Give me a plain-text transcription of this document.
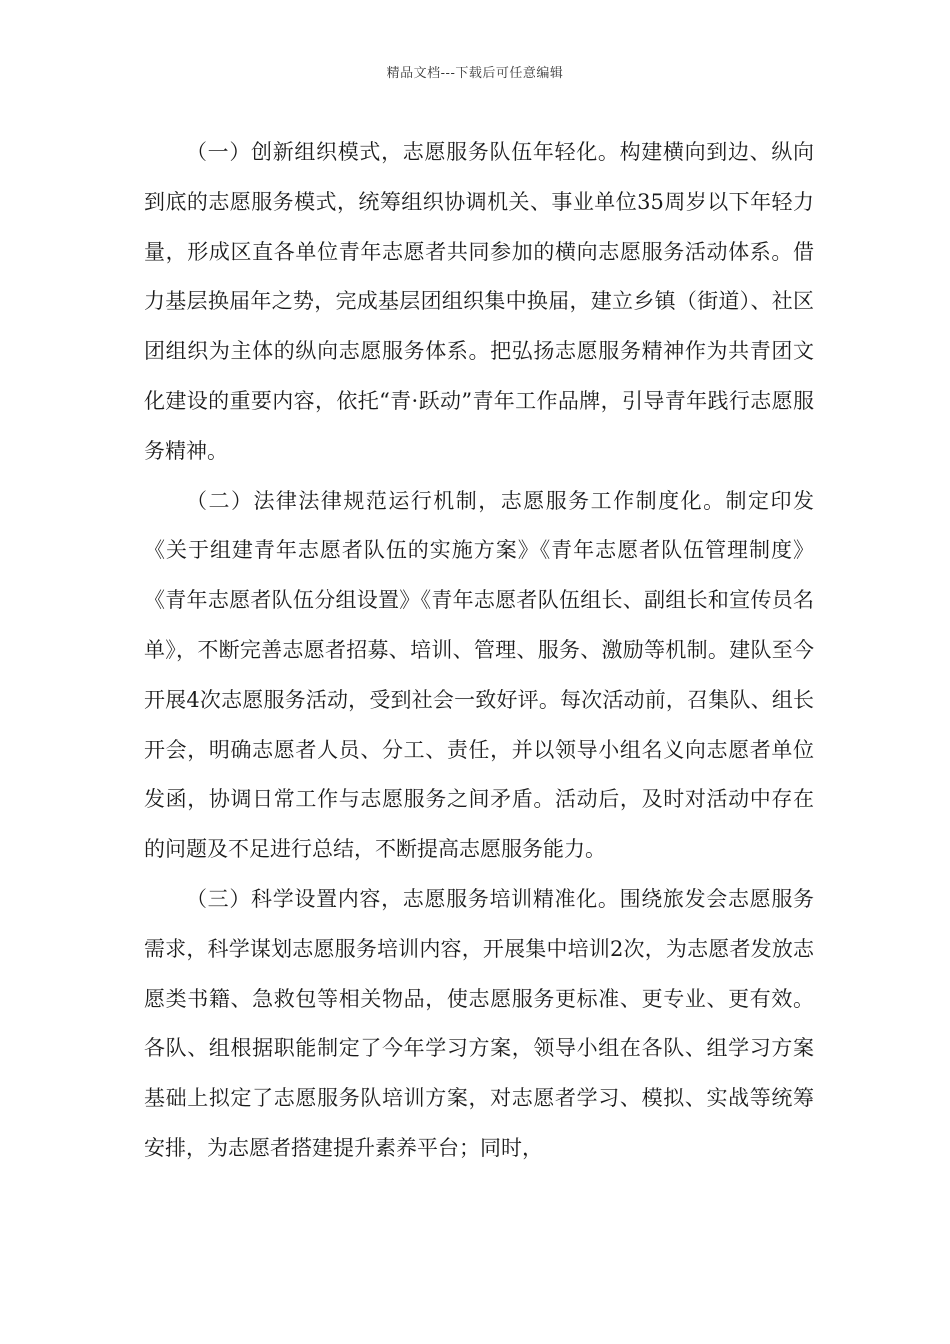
精品文档---下载后可任意编辑

（一）创新组织模式，志愿服务队伍年轻化。构建横向到边、纵向到底的志愿服务模式，统筹组织协调机关、事业单位35周岁以下年轻力量，形成区直各单位青年志愿者共同参加的横向志愿服务活动体系。借力基层换届年之势，完成基层团组织集中换届，建立乡镇（街道）、社区团组织为主体的纵向志愿服务体系。把弘扬志愿服务精神作为共青团文化建设的重要内容，依托“青·跃动”青年工作品牌，引导青年践行志愿服务精神。

（二）法律法律规范运行机制，志愿服务工作制度化。制定印发《关于组建青年志愿者队伍的实施方案》《青年志愿者队伍管理制度》《青年志愿者队伍分组设置》《青年志愿者队伍组长、副组长和宣传员名单》，不断完善志愿者招募、培训、管理、服务、激励等机制。建队至今开展4次志愿服务活动，受到社会一致好评。每次活动前，召集队、组长开会，明确志愿者人员、分工、责任，并以领导小组名义向志愿者单位发函，协调日常工作与志愿服务之间矛盾。活动后，及时对活动中存在的问题及不足进行总结，不断提高志愿服务能力。

（三）科学设置内容，志愿服务培训精准化。围绕旅发会志愿服务需求，科学谋划志愿服务培训内容，开展集中培训2次，为志愿者发放志愿类书籍、急救包等相关物品，使志愿服务更标准、更专业、更有效。各队、组根据职能制定了今年学习方案，领导小组在各队、组学习方案基础上拟定了志愿服务队培训方案，对志愿者学习、模拟、实战等统筹安排，为志愿者搭建提升素养平台；同时，
